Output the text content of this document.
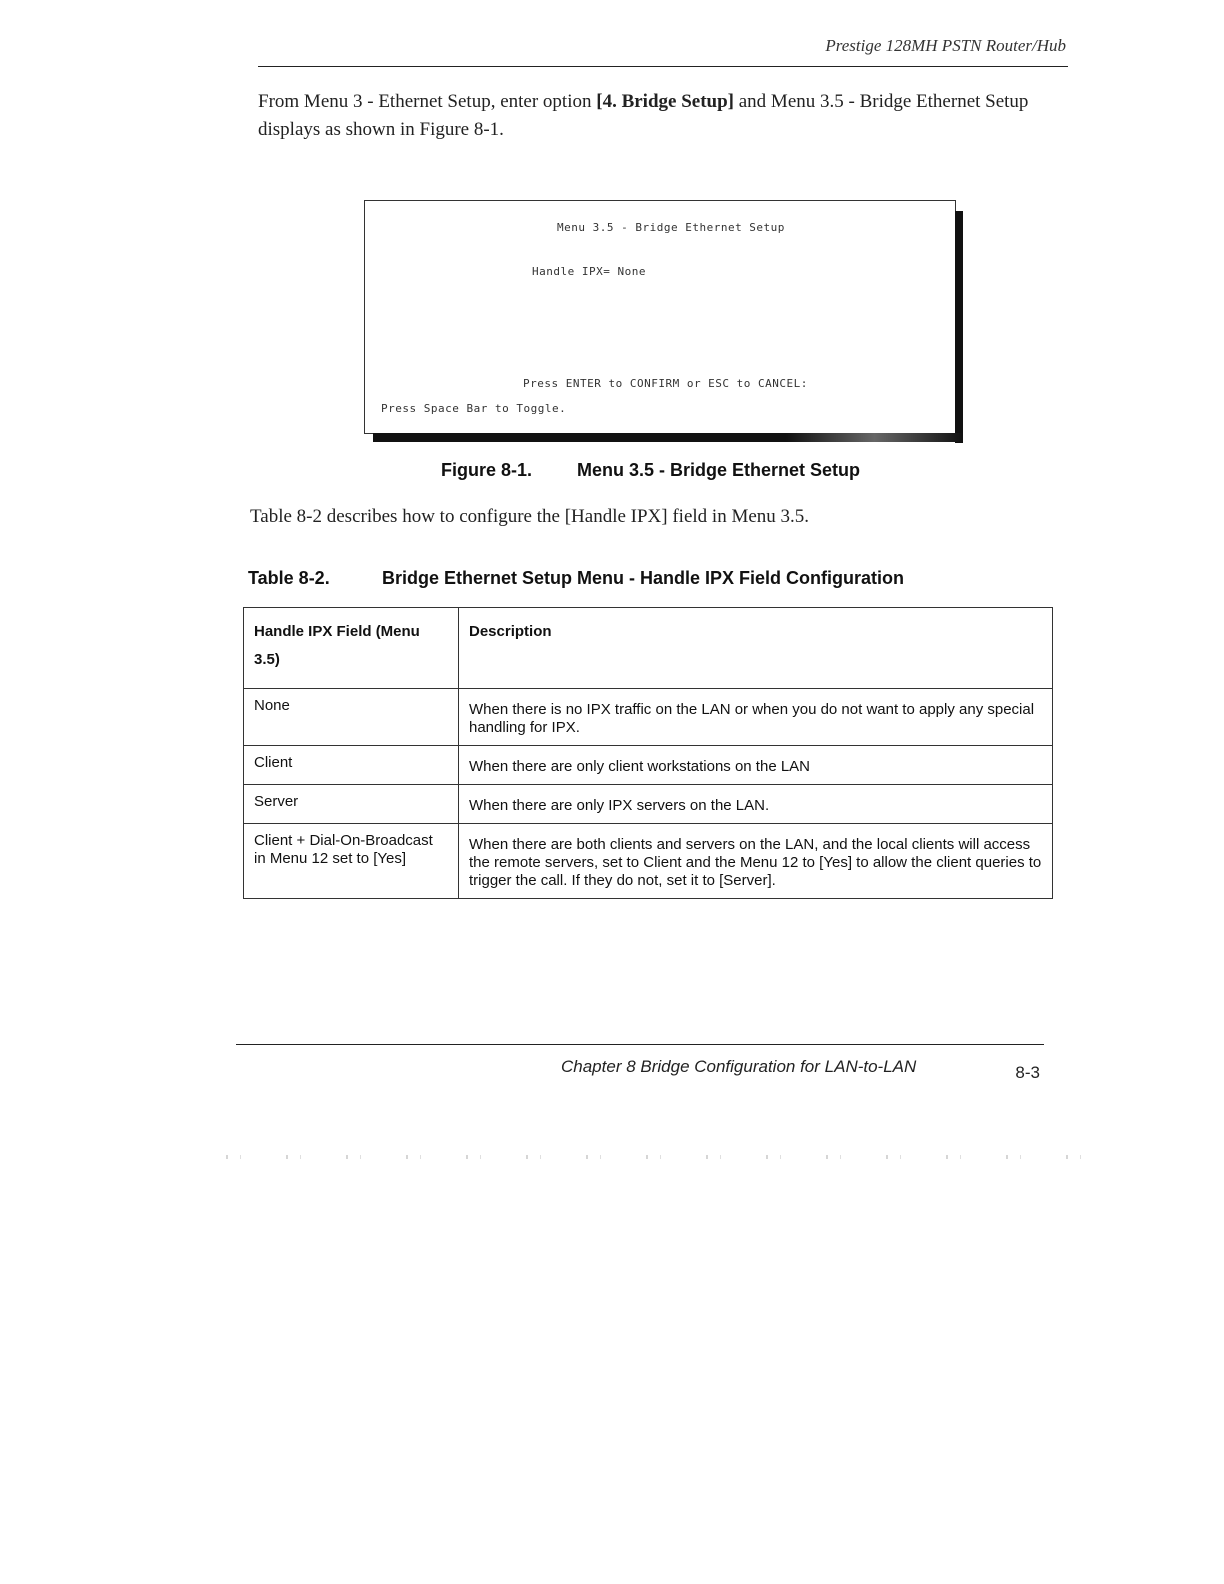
Prestige 128MH PSTN Router/Hub
From Menu 3 - Ethernet Setup, enter option [4. Bridge Setup] and Menu 3.5 - Bridge Ethernet Setup displays as shown in Figure 8-1.
Menu 3.5 - Bridge Ethernet Setup
Handle IPX= None
Press ENTER to CONFIRM or ESC to CANCEL:
Press Space Bar to Toggle.
Figure 8-1. Menu 3.5 - Bridge Ethernet Setup
Table 8-2 describes how to configure the [Handle IPX] field in Menu 3.5.
Table 8-2.	Bridge Ethernet Setup Menu - Handle IPX Field Configuration
Handle IPX Field (Menu 3.5)	Description
None	When there is no IPX traffic on the LAN or when you do not want to apply any special handling for IPX.
Client	When there are only client workstations on the LAN
Server	When there are only IPX servers on the LAN.
Client + Dial-On-Broadcast in Menu 12 set to [Yes]	When there are both clients and servers on the LAN, and the local clients will access the remote servers, set to Client and the Menu 12 to [Yes] to allow the client queries to trigger the call. If they do not, set it to [Server].
Chapter 8 Bridge Configuration for LAN-to-LAN	8-3
